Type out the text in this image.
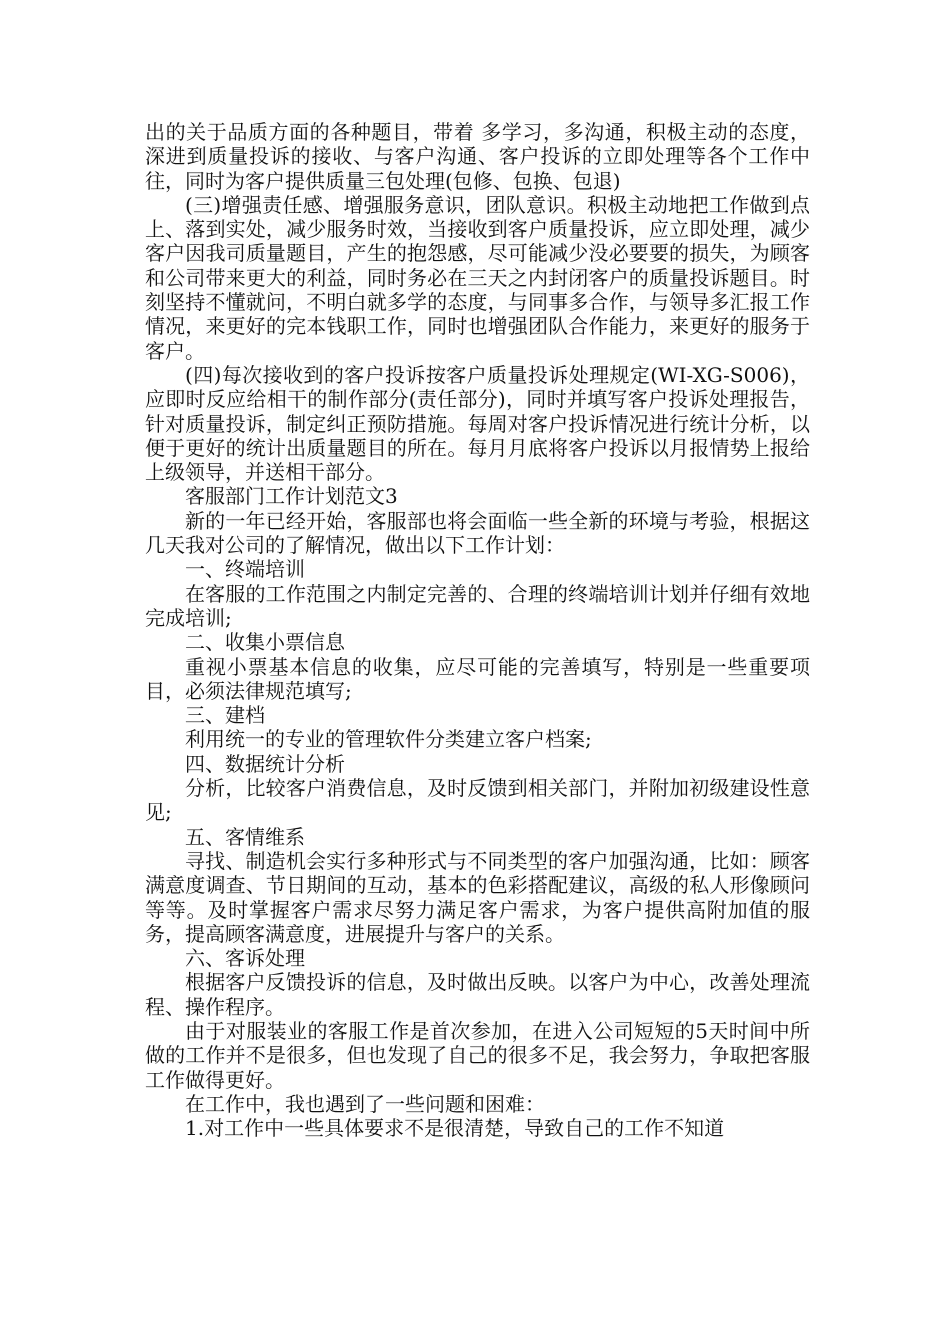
出的关于品质方面的各种题目，带着 多学习，多沟通，积极主动的态度，深进到质量投诉的接收、与客户沟通、客户投诉的立即处理等各个工作中往，同时为客户提供质量三包处理(包修、包换、包退)

(三)增强责任感、增强服务意识，团队意识。积极主动地把工作做到点上、落到实处，减少服务时效，当接收到客户质量投诉，应立即处理，减少客户因我司质量题目，产生的抱怨感，尽可能减少没必要要的损失，为顾客和公司带来更大的利益，同时务必在三天之内封闭客户的质量投诉题目。时刻坚持不懂就问，不明白就多学的态度，与同事多合作，与领导多汇报工作情况，来更好的完本钱职工作，同时也增强团队合作能力，来更好的服务于客户。

(四)每次接收到的客户投诉按客户质量投诉处理规定(WI-XG-S006)，应即时反应给相干的制作部分(责任部分)，同时并填写客户投诉处理报告，针对质量投诉，制定纠正预防措施。每周对客户投诉情况进行统计分析，以便于更好的统计出质量题目的所在。每月月底将客户投诉以月报情势上报给上级领导，并送相干部分。

客服部门工作计划范文3

新的一年已经开始，客服部也将会面临一些全新的环境与考验，根据这几天我对公司的了解情况，做出以下工作计划：

一、终端培训

在客服的工作范围之内制定完善的、合理的终端培训计划并仔细有效地完成培训;

二、收集小票信息

重视小票基本信息的收集，应尽可能的完善填写，特别是一些重要项目，必须法律规范填写;

三、建档

利用统一的专业的管理软件分类建立客户档案;

四、数据统计分析

分析，比较客户消费信息，及时反馈到相关部门，并附加初级建设性意见;

五、客情维系

寻找、制造机会实行多种形式与不同类型的客户加强沟通，比如：顾客满意度调查、节日期间的互动，基本的色彩搭配建议，高级的私人形像顾问等等。及时掌握客户需求尽努力满足客户需求，为客户提供高附加值的服务，提高顾客满意度，进展提升与客户的关系。

六、客诉处理

根据客户反馈投诉的信息，及时做出反映。以客户为中心，改善处理流程、操作程序。

由于对服装业的客服工作是首次参加，在进入公司短短的5天时间中所做的工作并不是很多，但也发现了自己的很多不足，我会努力，争取把客服工作做得更好。

在工作中，我也遇到了一些问题和困难：

1.对工作中一些具体要求不是很清楚，导致自己的工作不知道
